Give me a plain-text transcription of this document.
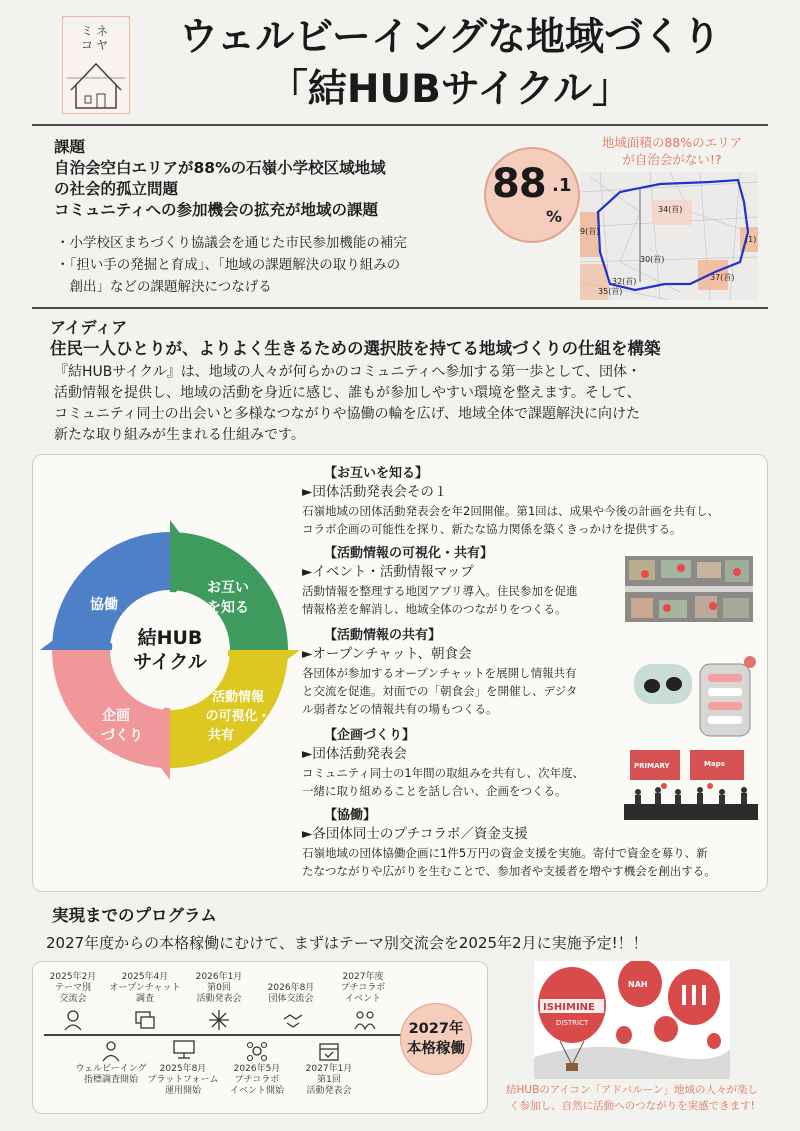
ミネ
コヤ	ウェルビーイングな地域づくり
「結HUBサイクル」
課題
自治会空白エリアが88%の石嶺小学校区域地域
の社会的孤立問題
コミュニティへの参加機会の拡充が地域の課題
・小学校区まちづくり協議会を通じた市民参加機能の補完
・「担い手の発掘と育成」、「地域の課題解決の取り組みの
　創出」などの課題解決につなげる
88 .1
%
地域面積の88%のエリア
が自治会がない!?
34(首)
9(首)
30(首)
32(首)
35(首)
37(首)
(1)
アイディア
住民一人ひとりが、よりよく生きるための選択肢を持てる地域づくりの仕組を構築
『結HUBサイクル』は、地域の人々が何らかのコミュニティへ参加する第一歩として、団体・
活動情報を提供し、地域の活動を身近に感じ、誰もが参加しやすい環境を整えます。そして、
コミュニティ同士の出会いと多様なつながりや協働の輪を広げ、地域全体で課題解決に向けた
新たな取り組みが生まれる仕組みです。
お互い
を知る
活動情報
の可視化・
共有
企画
づくり
協働
結HUB
サイクル
【お互いを知る】
►団体活動発表会その１
石嶺地域の団体活動発表会を年2回開催。第1回は、成果や今後の計画を共有し、
コラボ企画の可能性を探り、新たな協力関係を築くきっかけを提供する。
【活動情報の可視化・共有】
►イベント・活動情報マップ
活動情報を整理する地図アプリ導入。住民参加を促進
情報格差を解消し、地域全体のつながりをつくる。
【活動情報の共有】
►オープンチャット、朝食会
各団体が参加するオープンチャットを展開し情報共有
と交流を促進。対面での「朝食会」を開催し、デジタ
ル弱者などの情報共有の場もつくる。
【企画づくり】
►団体活動発表会
コミュニティ同士の1年間の取組みを共有し、次年度、
一緒に取り組めることを話し合い、企画をつくる。
【協働】
►各団体同士のプチコラボ／資金支援
石嶺地域の団体協働企画に1件5万円の資金支援を実施。寄付で資金を募り、新
たなつながりや広がりを生むことで、参加者や支援者を増やす機会を創出する。
PRIMARY	Maps
実現までのプログラム
2027年度からの本格稼働にむけて、まずはテーマ別交流会を2025年2月に実施予定!！！
2025年2月
テーマ別
交流会
2025年4月
オープンチャット
調査
2026年1月
第0回
活動発表会
2026年8月
団体交流会
2027年度
プチコラボ
イベント
ウェルビーイング
指標調査開始
2025年8月
プラットフォーム
運用開始
2026年5月
プチコラボ
イベント開始
2027年1月
第1回
活動発表会
2027年
本格稼働
ISHIMINE
DISTRICT
NAH
結HUBのアイコン「アドバルーン」地域の人々が楽し
く参加し、自然に活動へのつながりを実感できます!
